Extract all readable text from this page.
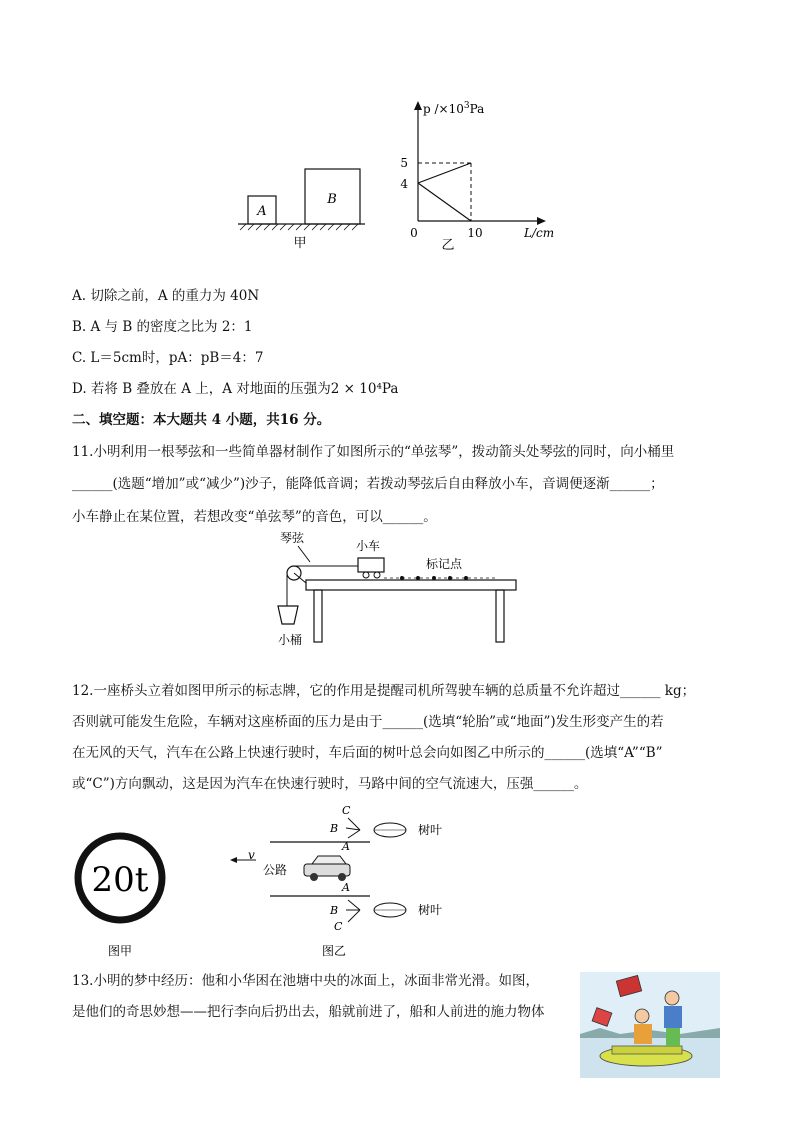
A
B
甲
p $/\times 10^3Pa$
5
4
0	10	L/cm
乙
A. 切除之前，A 的重力为 40N
B. A 与 B 的密度之比为 2：1
C. L＝5cm时，pA：pB＝4：7
D. 若将 B 叠放在 A 上，A 对地面的压强为2 × 10⁴Pa
二、填空题：本大题共 4 小题，共16 分。
11.小明利用一根琴弦和一些简单器材制作了如图所示的“单弦琴”，拨动箭头处琴弦的同时，向小桶里
______(选题“增加”或“减少”)沙子，能降低音调；若拨动琴弦后自由释放小车，音调便逐渐______；
小车静止在某位置，若想改变“单弦琴”的音色，可以______。
琴弦
小车
标记点
小桶
12.一座桥头立着如图甲所示的标志牌，它的作用是提醒司机所驾驶车辆的总质量不允许超过______ kg；
否则就可能发生危险，车辆对这座桥面的压力是由于______(选填“轮胎”或“地面”)发生形变产生的若
在无风的天气，汽车在公路上快速行驶时，车后面的树叶总会向如图乙中所示的______(选填“A”“B”
或“C”)方向飘动，这是因为汽车在快速行驶时，马路中间的空气流速大，压强______。
20t
图甲
v
公路
C
B
A
树叶
A
B
C
树叶
图乙
13.小明的梦中经历：他和小华困在池塘中央的冰面上，冰面非常光滑。如图，
是他们的奇思妙想——把行李向后扔出去，船就前进了，船和人前进的施力物体
